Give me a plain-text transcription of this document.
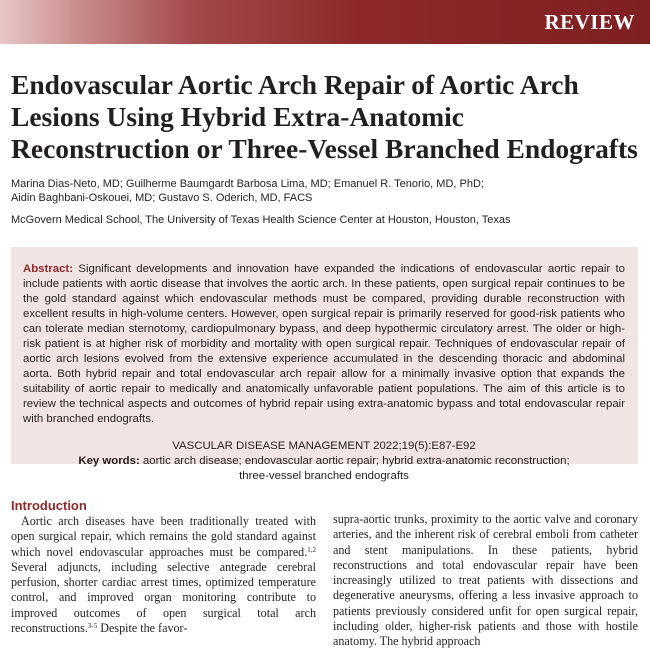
REVIEW
Endovascular Aortic Arch Repair of Aortic Arch Lesions Using Hybrid Extra-Anatomic Reconstruction or Three-Vessel Branched Endografts
Marina Dias-Neto, MD; Guilherme Baumgardt Barbosa Lima, MD; Emanuel R. Tenorio, MD, PhD;
Aidin Baghbani-Oskouei, MD; Gustavo S. Oderich, MD, FACS
McGovern Medical School, The University of Texas Health Science Center at Houston, Houston, Texas

Abstract: Significant developments and innovation have expanded the indications of endovascular aortic repair to include patients with aortic disease that involves the aortic arch. In these patients, open surgical repair continues to be the gold standard against which endovascular methods must be compared, providing durable reconstruction with excellent results in high-volume centers. However, open surgical repair is primarily reserved for good-risk patients who can tolerate median sternotomy, cardiopulmonary bypass, and deep hypothermic circulatory arrest. The older or high-risk patient is at higher risk of morbidity and mortality with open surgical repair. Techniques of endovascular repair of aortic arch lesions evolved from the extensive experience accumulated in the descending thoracic and abdominal aorta. Both hybrid repair and total endovascular arch repair allow for a minimally invasive option that expands the suitability of aortic repair to medically and anatomically unfavorable patient populations. The aim of this article is to review the technical aspects and outcomes of hybrid repair using extra-anatomic bypass and total endovascular repair with branched endografts.

VASCULAR DISEASE MANAGEMENT 2022;19(5):E87-E92

Key words: aortic arch disease; endovascular aortic repair; hybrid extra-anatomic reconstruction;

three-vessel branched endografts

Introduction

Aortic arch diseases have been traditionally treated with open surgical repair, which remains the gold standard against which novel endovascular approaches must be compared.$^{1,2}$ Several adjuncts, including selective antegrade cerebral perfusion, shorter cardiac arrest times, optimized temperature control, and improved organ monitoring contribute to improved outcomes of open surgical total arch reconstructions.$^{3-5}$ Despite the favor-

supra-aortic trunks, proximity to the aortic valve and coronary arteries, and the inherent risk of cerebral emboli from catheter and stent manipulations. In these patients, hybrid reconstructions and total endovascular repair have been increasingly utilized to treat patients with dissections and degenerative aneurysms, offering a less invasive approach to patients previously considered unfit for open surgical repair, including older, higher-risk patients and those with hostile anatomy. The hybrid approach
